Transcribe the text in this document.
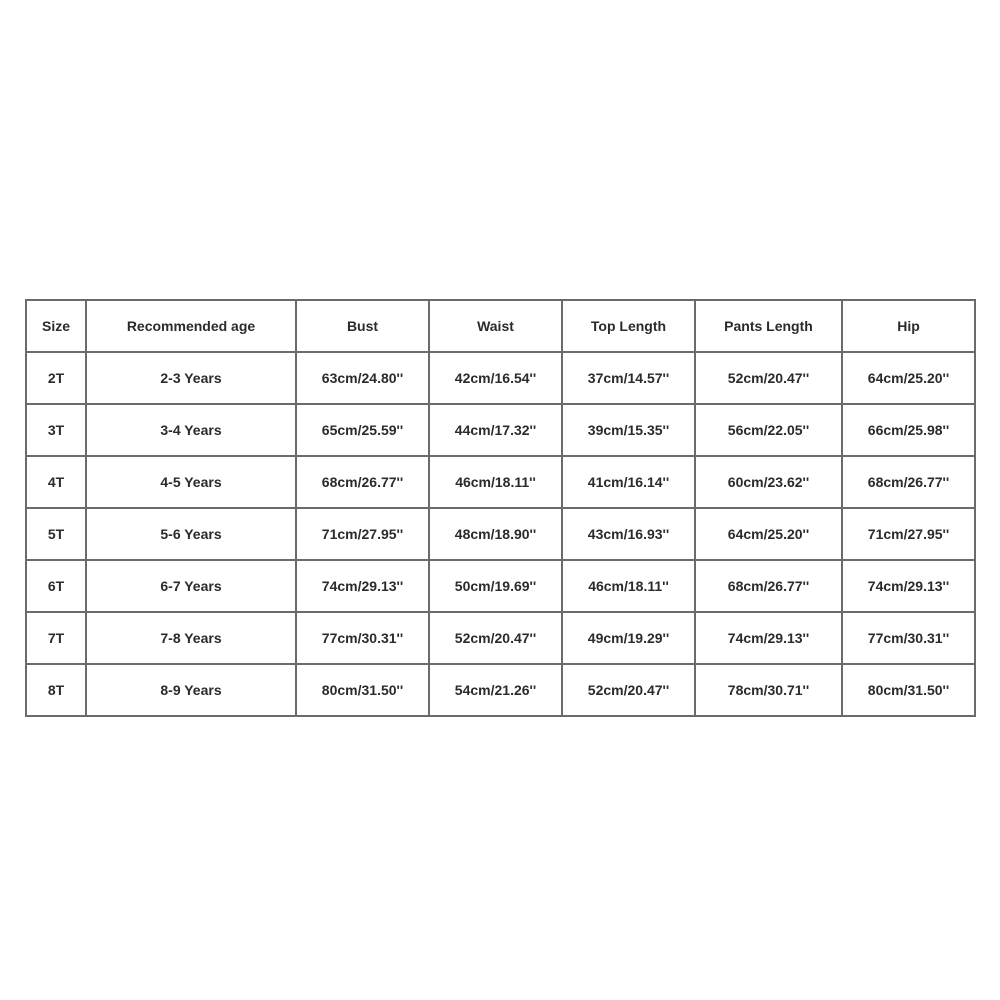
Size	Recommended age	Bust	Waist	Top Length	Pants Length	Hip
2T	2-3 Years	63cm/24.80''	42cm/16.54''	37cm/14.57''	52cm/20.47''	64cm/25.20''
3T	3-4 Years	65cm/25.59''	44cm/17.32''	39cm/15.35''	56cm/22.05''	66cm/25.98''
4T	4-5 Years	68cm/26.77''	46cm/18.11''	41cm/16.14''	60cm/23.62''	68cm/26.77''
5T	5-6 Years	71cm/27.95''	48cm/18.90''	43cm/16.93''	64cm/25.20''	71cm/27.95''
6T	6-7 Years	74cm/29.13''	50cm/19.69''	46cm/18.11''	68cm/26.77''	74cm/29.13''
7T	7-8 Years	77cm/30.31''	52cm/20.47''	49cm/19.29''	74cm/29.13''	77cm/30.31''
8T	8-9 Years	80cm/31.50''	54cm/21.26''	52cm/20.47''	78cm/30.71''	80cm/31.50''
